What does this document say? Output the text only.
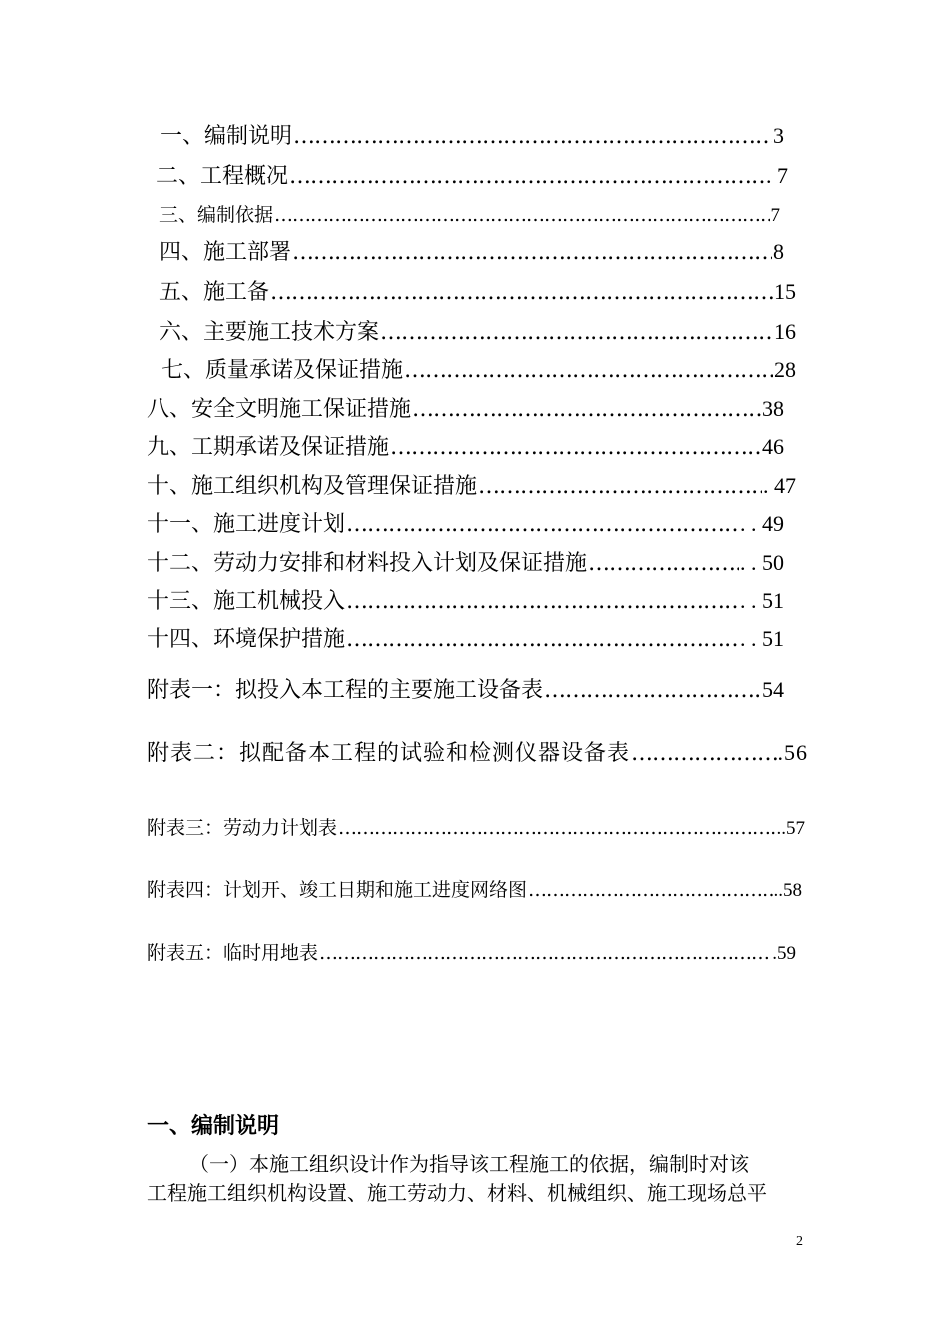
一、编制说明 …………………………………………………………………………………………………………………………	3
二、工程概况 …………………………………………………………………………………………………………………………	. 7
三、编制依据 …………………………………………………………………………………………………………………………	7
四、施工部署 …………………………………………………………………………………………………………………………	8
五、施工备 …………………………………………………………………………………………………………………………	15
六、主要施工技术方案 …………………………………………………………………………………………………………………………	16
七、质量承诺及保证措施 …………………………………………………………………………………………………………………………	28
八、安全文明施工保证措施 …………………………………………………………………………………………………………………………	38
九、工期承诺及保证措施 …………………………………………………………………………………………………………………………	46
十、施工组织机构及管理保证措施 …………………………………………………………………………………………………………………………	. 47
十一、施工进度计划 …………………………………………………………………………………………………………………………	. . 49
十二、劳动力安排和材料投入计划及保证措施 …………………………………………………………………………………………………………………………	. . 50
十三、施工机械投入 …………………………………………………………………………………………………………………………	. . 51
十四、环境保护措施 …………………………………………………………………………………………………………………………	. . 51
附表一：拟投入本工程的主要施工设备表 …………………………………………………………………………………………………………………………	54
附表二：拟配备本工程的试验和检测仪器设备表 …………………………………………………………………………………………………………………………	.56
附表三：劳动力计划表 …………………………………………………………………………………………………………………………	..57
附表四：计划开、竣工日期和施工进度网络图 …………………………………………………………………………………………………………………………	..58
附表五：临时用地表 …………………………………………………………………………………………………………………………	.59
一、编制说明
（一）本施工组织设计作为指导该工程施工的依据，编制时对该
工程施工组织机构设置、施工劳动力、材料、机械组织、施工现场总平
2
